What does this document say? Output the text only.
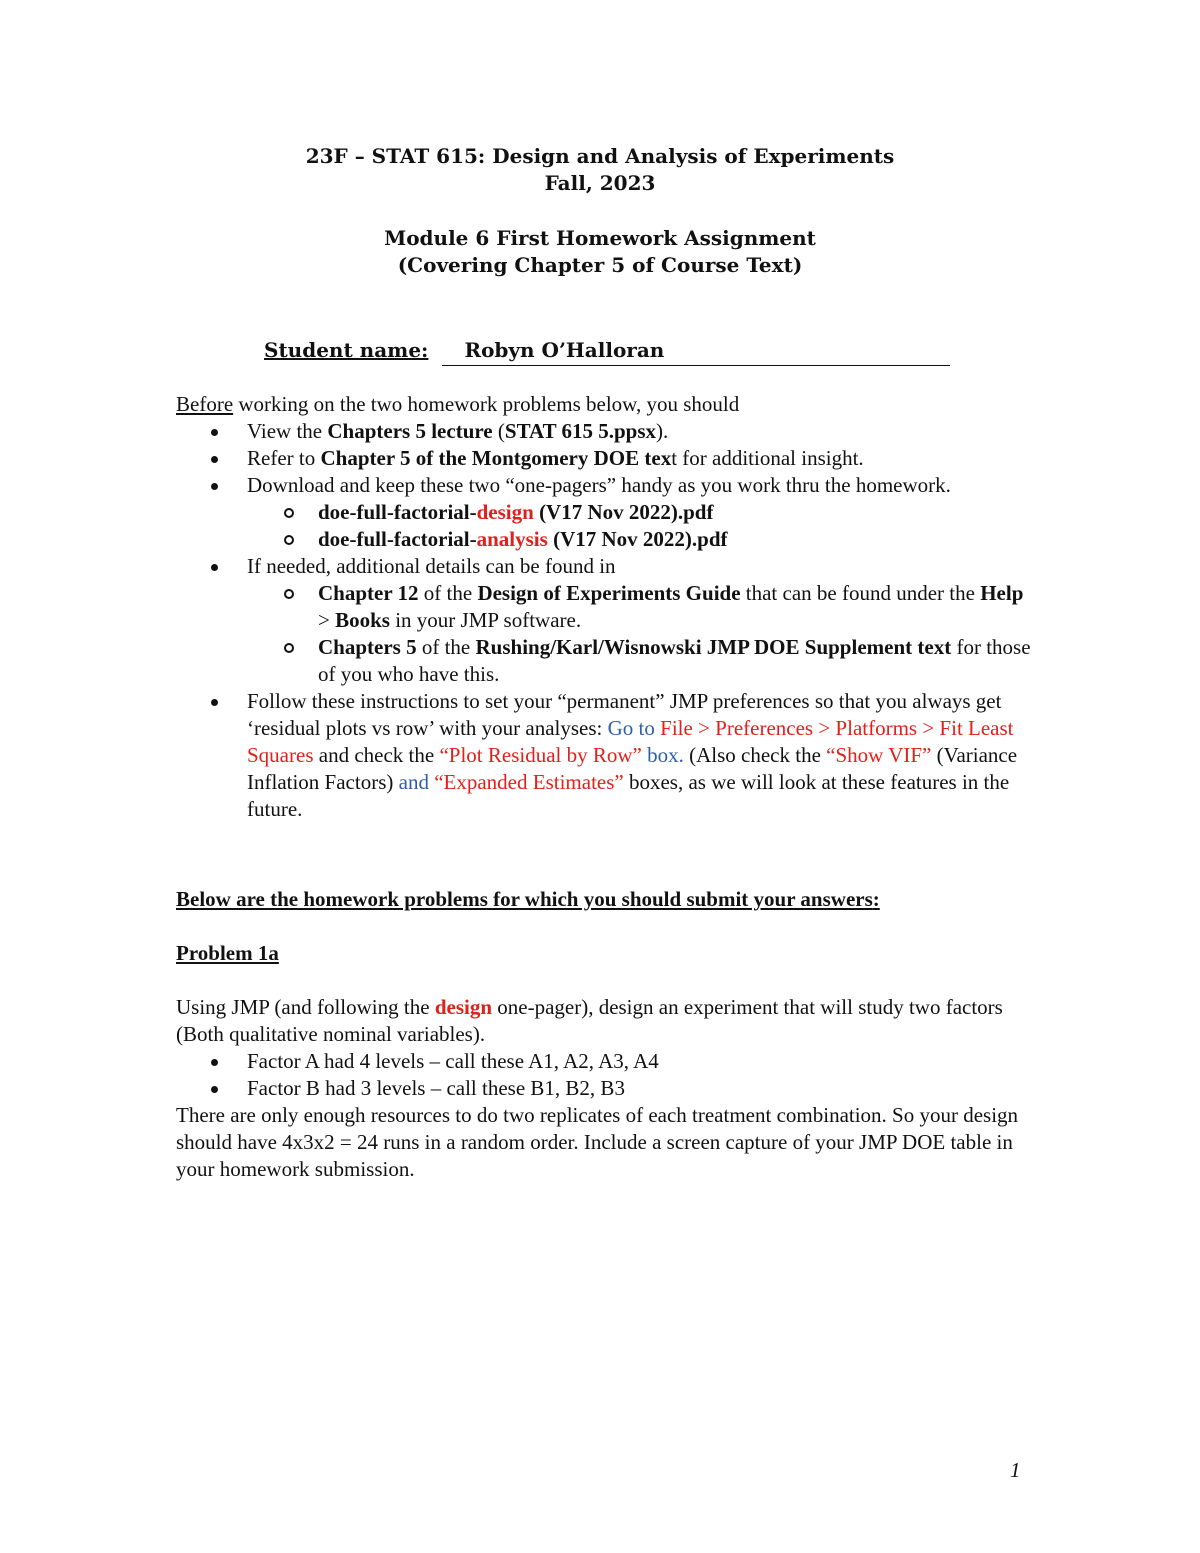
23F – STAT 615: Design and Analysis of Experiments
Fall, 2023
Module 6 First Homework Assignment
(Covering Chapter 5 of Course Text)
Student name: Robyn O’Halloran
Before working on the two homework problems below, you should
View the Chapters 5 lecture (STAT 615 5.ppsx).
Refer to Chapter 5 of the Montgomery DOE text for additional insight.
Download and keep these two “one-pagers” handy as you work thru the homework.
doe-full-factorial-design (V17 Nov 2022).pdf
doe-full-factorial-analysis (V17 Nov 2022).pdf
If needed, additional details can be found in
Chapter 12 of the Design of Experiments Guide that can be found under the Help > Books in your JMP software.
Chapters 5 of the Rushing/Karl/Wisnowski JMP DOE Supplement text for those of you who have this.
Follow these instructions to set your “permanent” JMP preferences so that you always get ‘residual plots vs row’ with your analyses: Go to File > Preferences > Platforms > Fit Least Squares and check the “Plot Residual by Row” box. (Also check the “Show VIF” (Variance Inflation Factors) and “Expanded Estimates” boxes, as we will look at these features in the future.
Below are the homework problems for which you should submit your answers:
Problem 1a
Using JMP (and following the design one-pager), design an experiment that will study two factors (Both qualitative nominal variables).
Factor A had 4 levels – call these A1, A2, A3, A4
Factor B had 3 levels – call these B1, B2, B3
There are only enough resources to do two replicates of each treatment combination. So your design should have 4x3x2 = 24 runs in a random order. Include a screen capture of your JMP DOE table in your homework submission.
1
